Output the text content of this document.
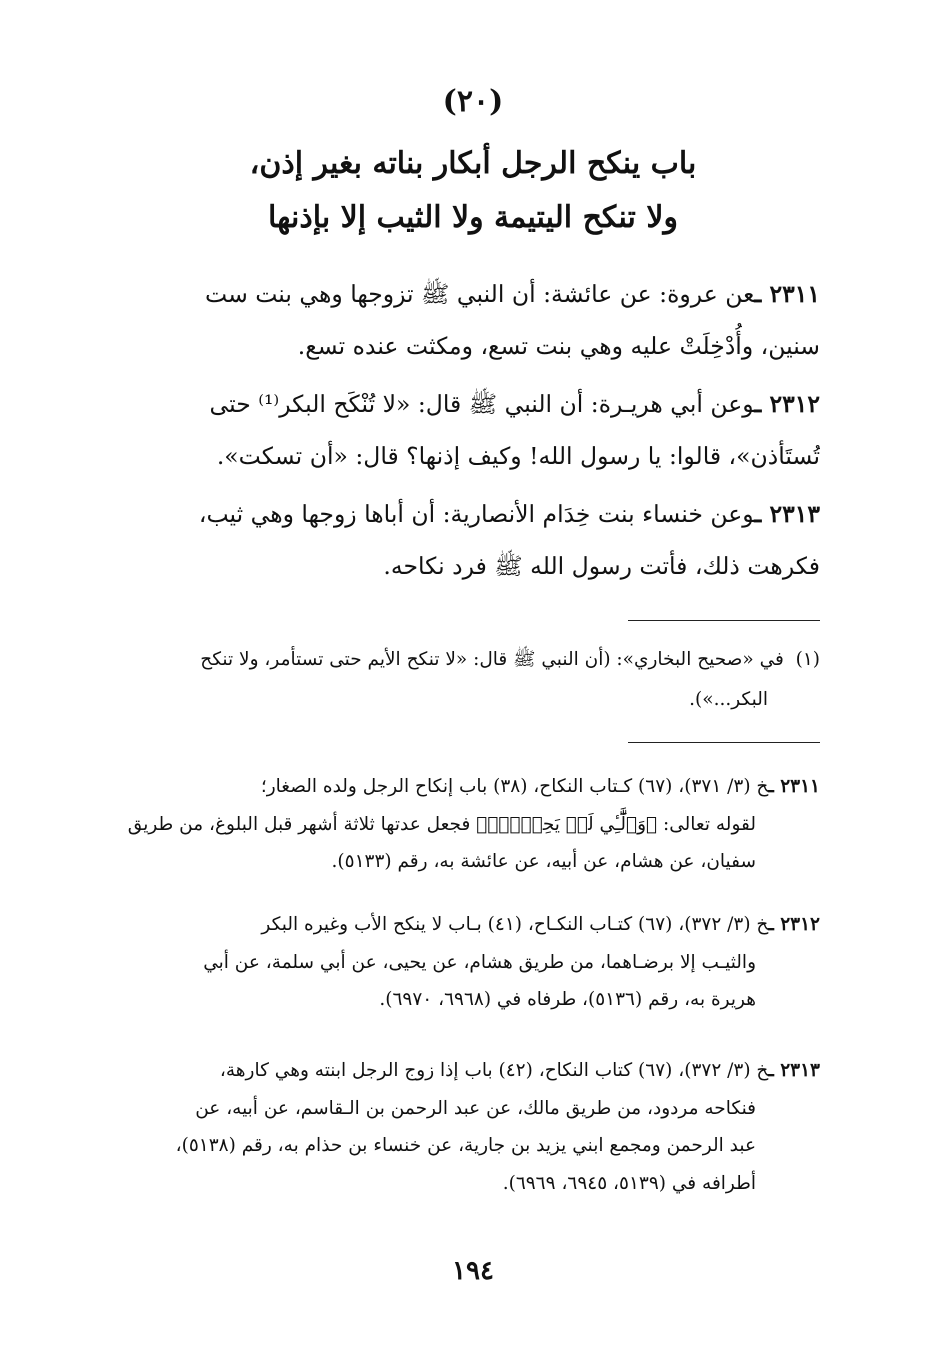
(٢٠)
باب ينكح الرجل أبكار بناته بغير إذن،
ولا تنكح اليتيمة ولا الثيب إلا بإذنها
٢٣١١ ـعن عروة: عن عائشة: أن النبي ﷺ تزوجها وهي بنت ست
سنين، وأُدْخِلَتْ عليه وهي بنت تسع، ومكثت عنده تسع.
٢٣١٢ ـوعن أبي هريـرة: أن النبي ﷺ قال: «لا تُنْكَح البكر⁽¹⁾ حتى
تُستَأذن»، قالوا: يا رسول الله! وكيف إذنها؟ قال: «أن تسكت».
٢٣١٣ ـوعن خنساء بنت خِدَام الأنصارية: أن أباها زوجها وهي ثيب،
فكرهت ذلك، فأتت رسول الله ﷺ فرد نكاحه.
(١)  في «صحيح البخاري»: (أن النبي ﷺ قال: «لا تنكح الأيم حتى تستأمر، ولا تنكح
البكر...»).
٢٣١١ ـخ (٣/ ٣٧١)، (٦٧) كـتاب النكاح، (٣٨) باب إنكاح الرجل ولده الصغار؛
لقوله تعالى: ﴿وَٱلَّٰٓـِٔي لَمۡ يَحِضۡنَۚ﴾ فجعل عدتها ثلاثة أشهر قبل البلوغ، من طريق
سفيان، عن هشام، عن أبيه، عن عائشة به، رقم (٥١٣٣).
٢٣١٢ ـخ (٣/ ٣٧٢)، (٦٧) كتـاب النكـاح، (٤١) بـاب لا ينكح الأب وغيره البكر
والثيـب إلا برضـاهما، من طريق هشام، عن يحيى، عن أبي سلمة، عن أبي
هريرة به، رقم (٥١٣٦)، طرفاه في (٦٩٦٨، ٦٩٧٠).
٢٣١٣ ـخ (٣/ ٣٧٢)، (٦٧) كتاب النكاح، (٤٢) باب إذا زوج الرجل ابنته وهي كارهة،
فنكاحه مردود، من طريق مالك، عن عبد الرحمن بن الـقاسم، عن أبيه، عن
عبد الرحمن ومجمع ابني يزيد بن جارية، عن خنساء بن حذام به، رقم (٥١٣٨)،
أطرافه في (٥١٣٩، ٦٩٤٥، ٦٩٦٩).
١٩٤
